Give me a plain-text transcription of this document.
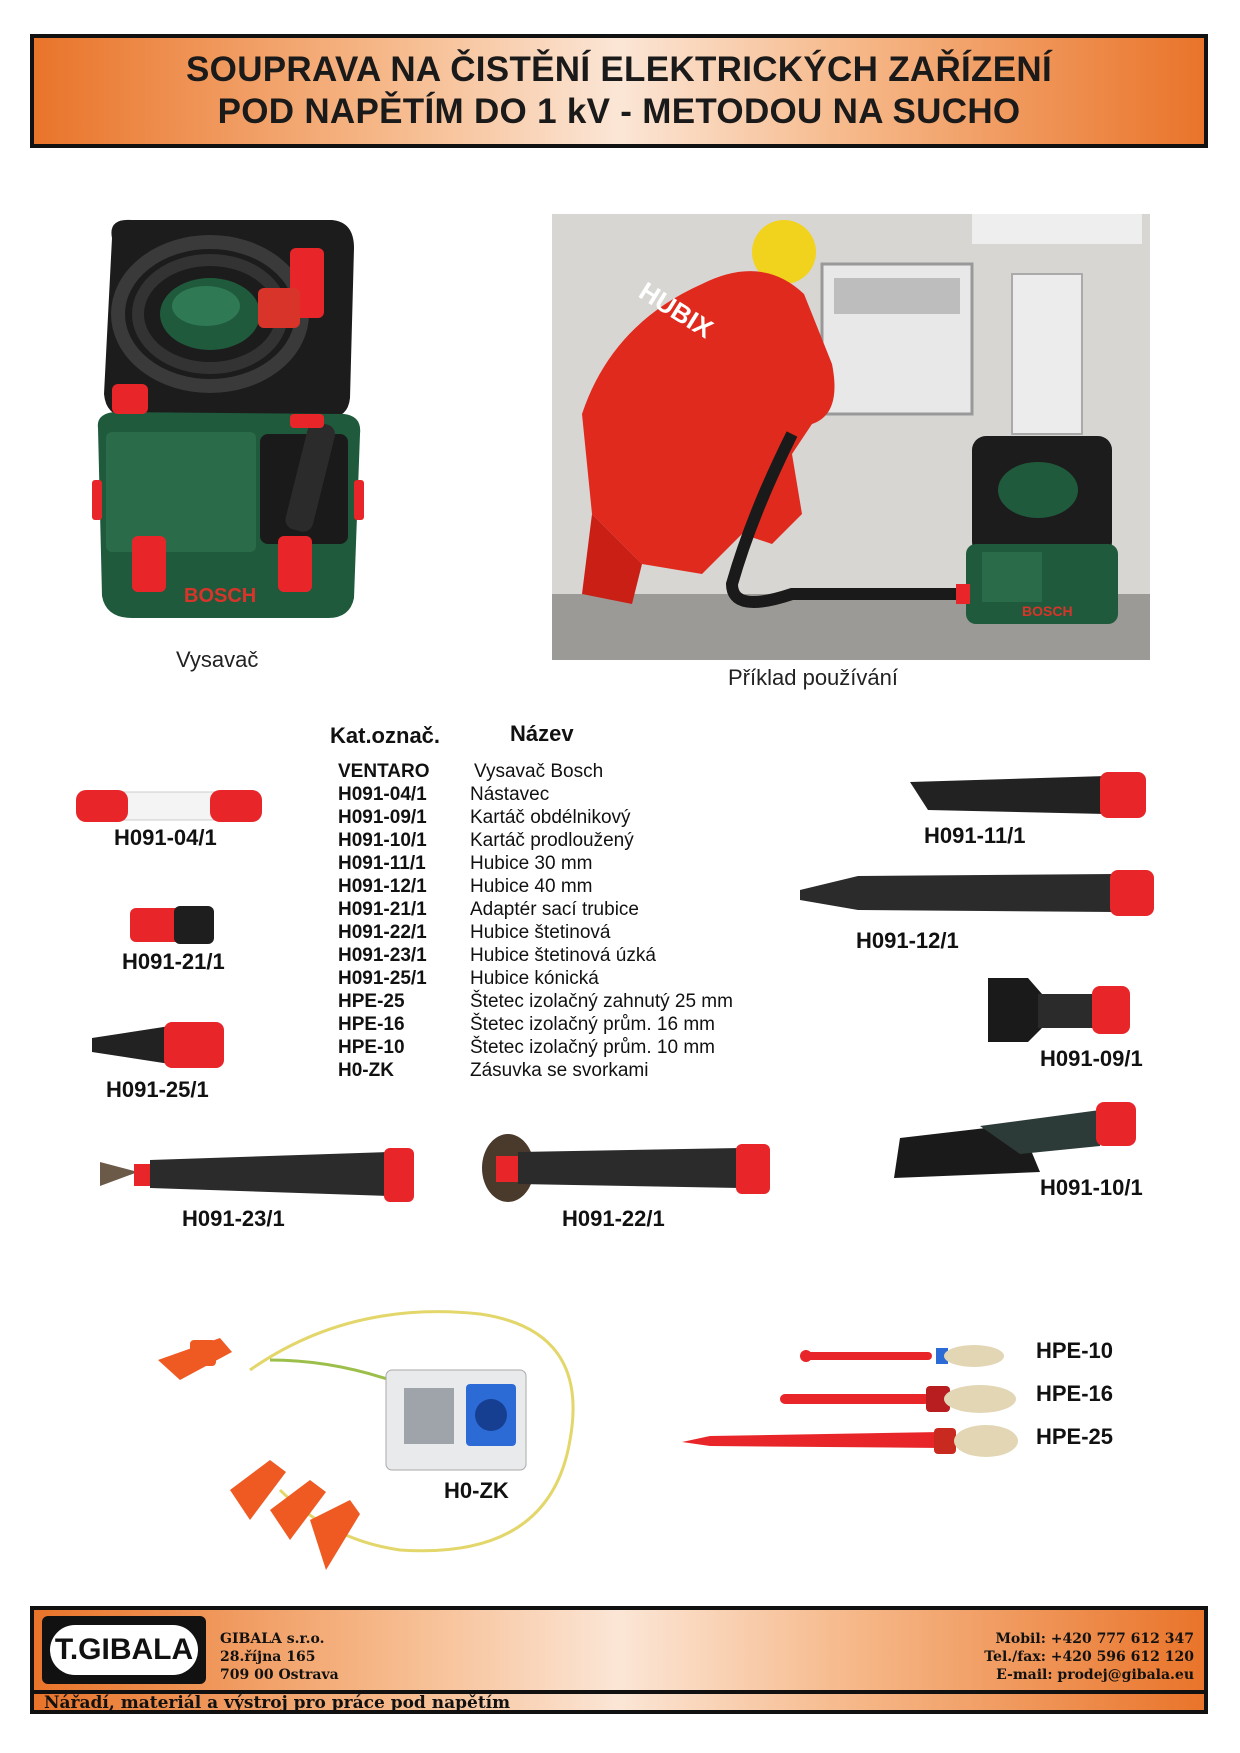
SOUPRAVA NA ČISTĚNÍ ELEKTRICKÝCH ZAŘÍZENÍ
POD NAPĚTÍM DO 1 kV - METODOU NA SUCHO
BOSCH
Vysavač
HUBIX
BOSCH
Příklad používání
Kat.označ.	Název
VENTARO Vysavač Bosch
H091-04/1 Nástavec
H091-09/1 Kartáč obdélnikový
H091-10/1 Kartáč prodloužený
H091-11/1 Hubice 30 mm
H091-12/1 Hubice 40 mm
H091-21/1 Adaptér sací trubice
H091-22/1 Hubice štetinová
H091-23/1 Hubice štetinová úzká
H091-25/1 Hubice kónická
HPE-25	Štetec izolačný zahnutý 25 mm
HPE-16	Štetec izolačný prům. 16 mm
HPE-10	Štetec izolačný prům. 10 mm
H0-ZK	Zásuvka se svorkami
H091-04/1
H091-21/1
H091-25/1
H091-23/1	H091-22/1
H091-11/1
H091-12/1
H091-09/1
H091-10/1
H0-ZK
HPE-10
HPE-16
HPE-25
T.GIBALA	GIBALA s.r.o.
28.října 165
709 00 Ostrava
Mobil: +420 777 612 347
Tel./fax: +420 596 612 120
E-mail: prodej@gibala.eu
Nářadí, materiál a výstroj pro práce pod napětím
